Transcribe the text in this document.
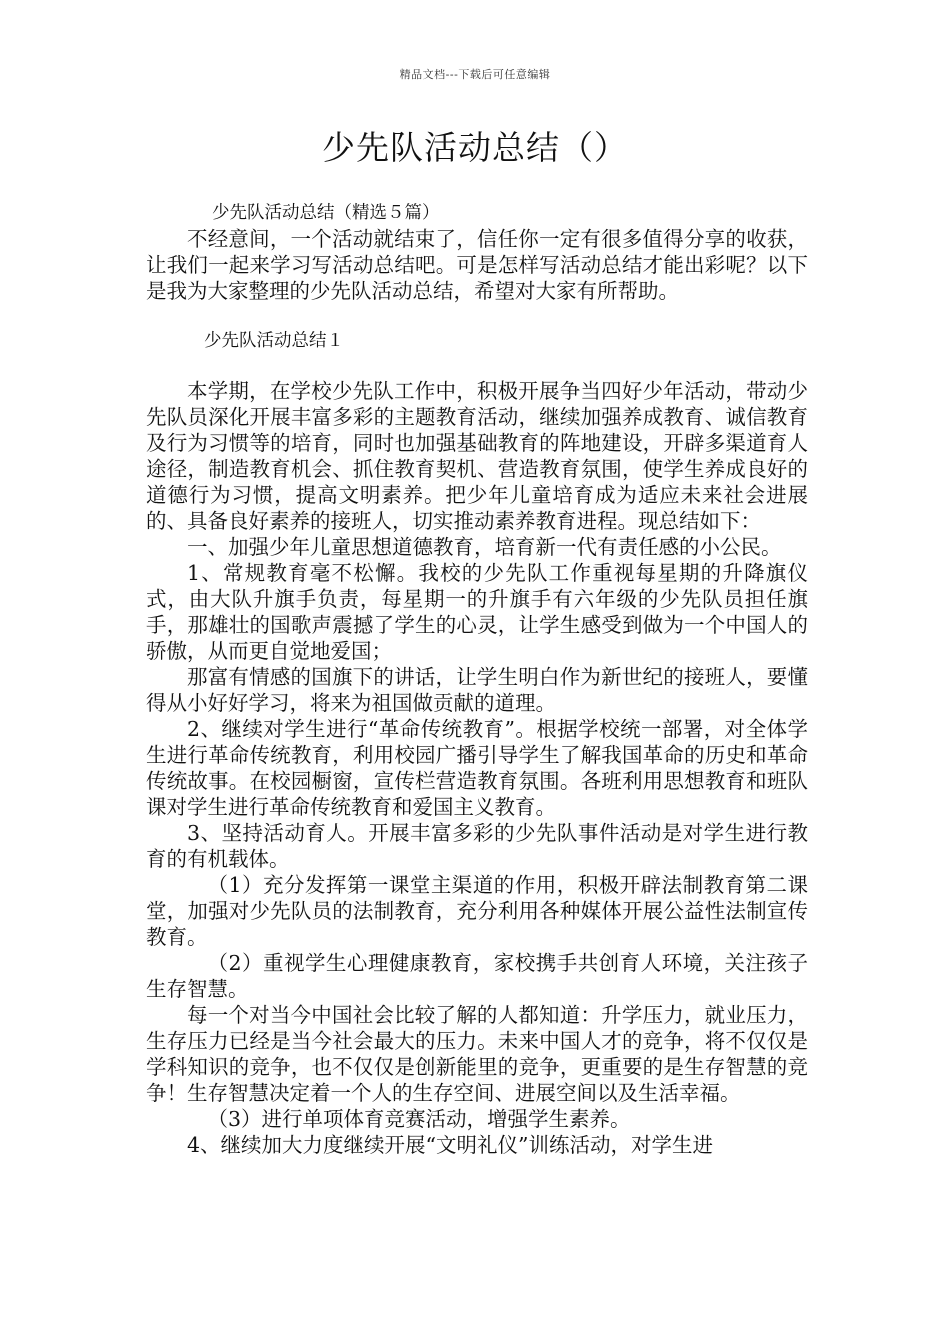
精品文档---下载后可任意编辑
少先队活动总结（）

少先队活动总结（精选５篇）

不经意间，一个活动就结束了，信任你一定有很多值得分享的收获，让我们一起来学习写活动总结吧。可是怎样写活动总结才能出彩呢？以下是我为大家整理的少先队活动总结，希望对大家有所帮助。

少先队活动总结１

本学期，在学校少先队工作中，积极开展争当四好少年活动，带动少先队员深化开展丰富多彩的主题教育活动，继续加强养成教育、诚信教育及行为习惯等的培育，同时也加强基础教育的阵地建设，开辟多渠道育人途径，制造教育机会、抓住教育契机、营造教育氛围，使学生养成良好的道德行为习惯，提高文明素养。把少年儿童培育成为适应未来社会进展的、具备良好素养的接班人，切实推动素养教育进程。现总结如下：

一、加强少年儿童思想道德教育，培育新一代有责任感的小公民。

1、常规教育毫不松懈。我校的少先队工作重视每星期的升降旗仪式，由大队升旗手负责，每星期一的升旗手有六年级的少先队员担任旗手，那雄壮的国歌声震撼了学生的心灵，让学生感受到做为一个中国人的骄傲，从而更自觉地爱国；

那富有情感的国旗下的讲话，让学生明白作为新世纪的接班人，要懂得从小好好学习，将来为祖国做贡献的道理。

2、继续对学生进行“革命传统教育”。根据学校统一部署，对全体学生进行革命传统教育，利用校园广播引导学生了解我国革命的历史和革命传统故事。在校园橱窗，宣传栏营造教育氛围。各班利用思想教育和班队课对学生进行革命传统教育和爱国主义教育。

3、坚持活动育人。开展丰富多彩的少先队事件活动是对学生进行教育的有机载体。

（1）充分发挥第一课堂主渠道的作用，积极开辟法制教育第二课堂，加强对少先队员的法制教育，充分利用各种媒体开展公益性法制宣传教育。

（2）重视学生心理健康教育，家校携手共创育人环境，关注孩子生存智慧。

每一个对当今中国社会比较了解的人都知道：升学压力，就业压力，生存压力已经是当今社会最大的压力。未来中国人才的竞争，将不仅仅是学科知识的竞争，也不仅仅是创新能里的竞争，更重要的是生存智慧的竞争！生存智慧决定着一个人的生存空间、进展空间以及生活幸福。

（3）进行单项体育竞赛活动，增强学生素养。

4、继续加大力度继续开展“文明礼仪”训练活动，对学生进
